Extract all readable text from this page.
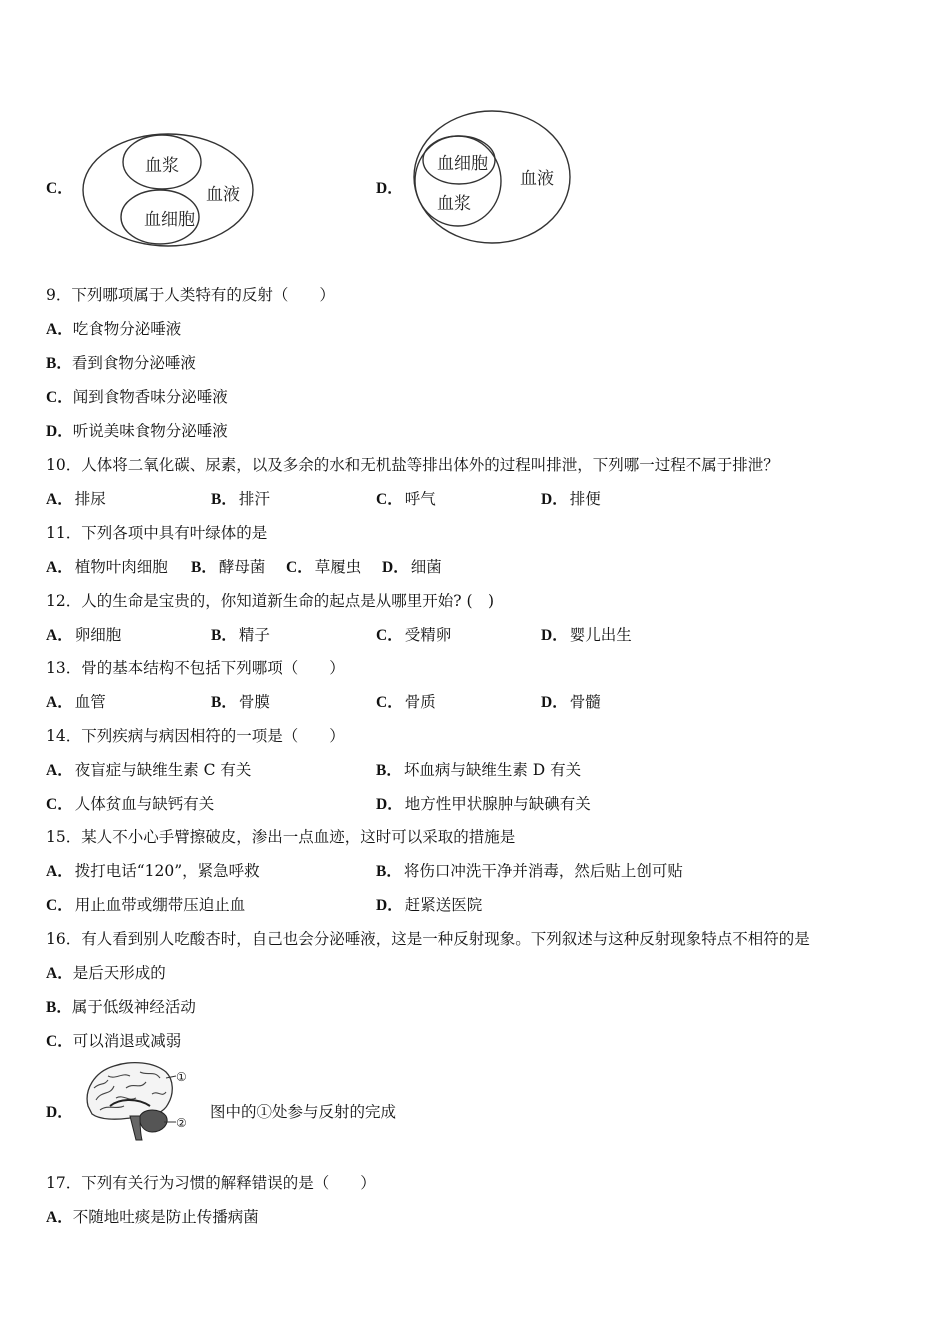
C．
血浆
血液
血细胞
D．
血细胞
血浆
血液
9．下列哪项属于人类特有的反射（　　）
A．吃食物分泌唾液
B．看到食物分泌唾液
C．闻到食物香味分泌唾液
D．听说美味食物分泌唾液
10．人体将二氧化碳、尿素，以及多余的水和无机盐等排出体外的过程叫排泄，下列哪一过程不属于排泄？
A． 排尿	B． 排汗	C． 呼气	D． 排便
11．下列各项中具有叶绿体的是
A． 植物叶肉细胞 B． 酵母菌 C． 草履虫 D． 细菌
12．人的生命是宝贵的，你知道新生命的起点是从哪里开始? (　)
A． 卵细胞	B． 精子	C． 受精卵	D． 婴儿出生
13．骨的基本结构不包括下列哪项（　　）
A． 血管	B． 骨膜	C． 骨质	D． 骨髓
14．下列疾病与病因相符的一项是（　　）
A． 夜盲症与缺维生素 C 有关	B． 坏血病与缺维生素 D 有关
C． 人体贫血与缺钙有关	D． 地方性甲状腺肿与缺碘有关
15．某人不小心手臂擦破皮，渗出一点血迹，这时可以采取的措施是
A． 拨打电话“120”，紧急呼救	B． 将伤口冲洗干净并消毒，然后贴上创可贴
C． 用止血带或绷带压迫止血	D． 赶紧送医院
16．有人看到别人吃酸杏时，自己也会分泌唾液，这是一种反射现象。下列叙述与这种反射现象特点不相符的是
A．是后天形成的
B．属于低级神经活动
C．可以消退或减弱
D．
①
②
图中的①处参与反射的完成
17．下列有关行为习惯的解释错误的是（　　）
A．不随地吐痰是防止传播病菌
